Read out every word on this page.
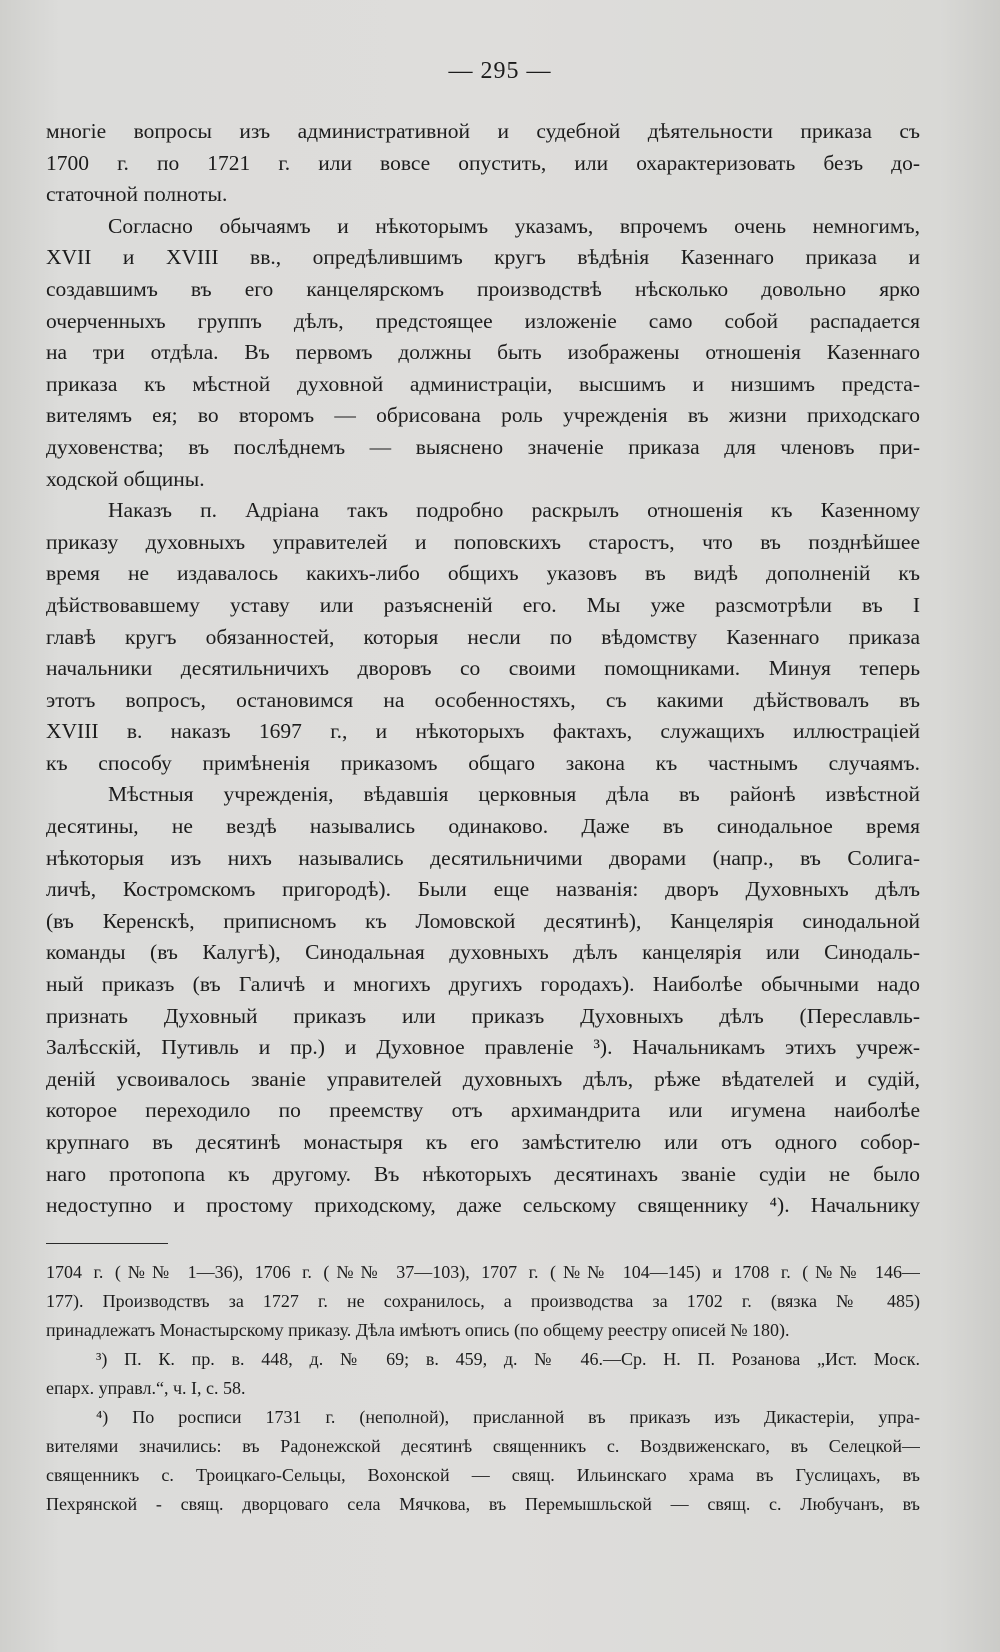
— 295 —
многіе вопросы изъ административной и судебной дѣятельности приказа съ
1700 г. по 1721 г. или вовсе опустить, или охарактеризовать безъ до-
статочной полноты.
Согласно обычаямъ и нѣкоторымъ указамъ, впрочемъ очень немногимъ,
XVII и XVIII вв., опредѣлившимъ кругъ вѣдѣнія Казеннаго приказа и
создавшимъ въ его канцелярскомъ производствѣ нѣсколько довольно ярко
очерченныхъ группъ дѣлъ, предстоящее изложеніе само собой распадается
на три отдѣла. Въ первомъ должны быть изображены отношенія Казеннаго
приказа къ мѣстной духовной администраціи, высшимъ и низшимъ предста-
вителямъ ея; во второмъ — обрисована роль учрежденія въ жизни приходскаго
духовенства; въ послѣднемъ — выяснено значеніе приказа для членовъ при-
ходской общины.
Наказъ п. Адріана такъ подробно раскрылъ отношенія къ Казенному
приказу духовныхъ управителей и поповскихъ старостъ, что въ позднѣйшее
время не издавалось какихъ-либо общихъ указовъ въ видѣ дополненій къ
дѣйствовавшему уставу или разъясненій его. Мы уже разсмотрѣли въ I
главѣ кругъ обязанностей, которыя несли по вѣдомству Казеннаго приказа
начальники десятильничихъ дворовъ со своими помощниками. Минуя теперь
этотъ вопросъ, остановимся на особенностяхъ, съ какими дѣйствовалъ въ
XVIII в. наказъ 1697 г., и нѣкоторыхъ фактахъ, служащихъ иллюстраціей
къ способу примѣненія приказомъ общаго закона къ частнымъ случаямъ.
Мѣстныя учрежденія, вѣдавшія церковныя дѣла въ районѣ извѣстной
десятины, не вездѣ назывались одинаково. Даже въ синодальное время
нѣкоторыя изъ нихъ назывались десятильничими дворами (напр., въ Солига-
личѣ, Костромскомъ пригородѣ). Были еще названія: дворъ Духовныхъ дѣлъ
(въ Керенскѣ, приписномъ къ Ломовской десятинѣ), Канцелярія синодальной
команды (въ Калугѣ), Синодальная духовныхъ дѣлъ канцелярія или Синодаль-
ный приказъ (въ Галичѣ и многихъ другихъ городахъ). Наиболѣе обычными надо
признать Духовный приказъ или приказъ Духовныхъ дѣлъ (Переславль-
Залѣсскій, Путивль и пр.) и Духовное правленіе ³). Начальникамъ этихъ учреж-
деній усвоивалось званіе управителей духовныхъ дѣлъ, рѣже вѣдателей и судій,
которое переходило по преемству отъ архимандрита или игумена наиболѣе
крупнаго въ десятинѣ монастыря къ его замѣстителю или отъ одного собор-
наго протопопа къ другому. Въ нѣкоторыхъ десятинахъ званіе судіи не было
недоступно и простому приходскому, даже сельскому священнику ⁴). Начальнику
1704 г. (№№ 1—36), 1706 г. (№№ 37—103), 1707 г. (№№ 104—145) и 1708 г. (№№ 146—
177). Производствъ за 1727 г. не сохранилось, а производства за 1702 г. (вязка № 485)
принадлежатъ Монастырскому приказу. Дѣла имѣютъ опись (по общему реестру описей № 180).
³) П. К. пр. в. 448, д. № 69; в. 459, д. № 46.—Ср. Н. П. Розанова „Ист. Моск.
епарх. управл.“, ч. I, с. 58.
⁴) По росписи 1731 г. (неполной), присланной въ приказъ изъ Дикастеріи, упра-
вителями значились: въ Радонежской десятинѣ священникъ с. Воздвиженскаго, въ Селецкой—
священникъ с. Троицкаго-Сельцы, Вохонской — свящ. Ильинскаго храма въ Гуслицахъ, въ
Пехрянской - свящ. дворцоваго села Мячкова, въ Перемышльской — свящ. с. Любучанъ, въ
